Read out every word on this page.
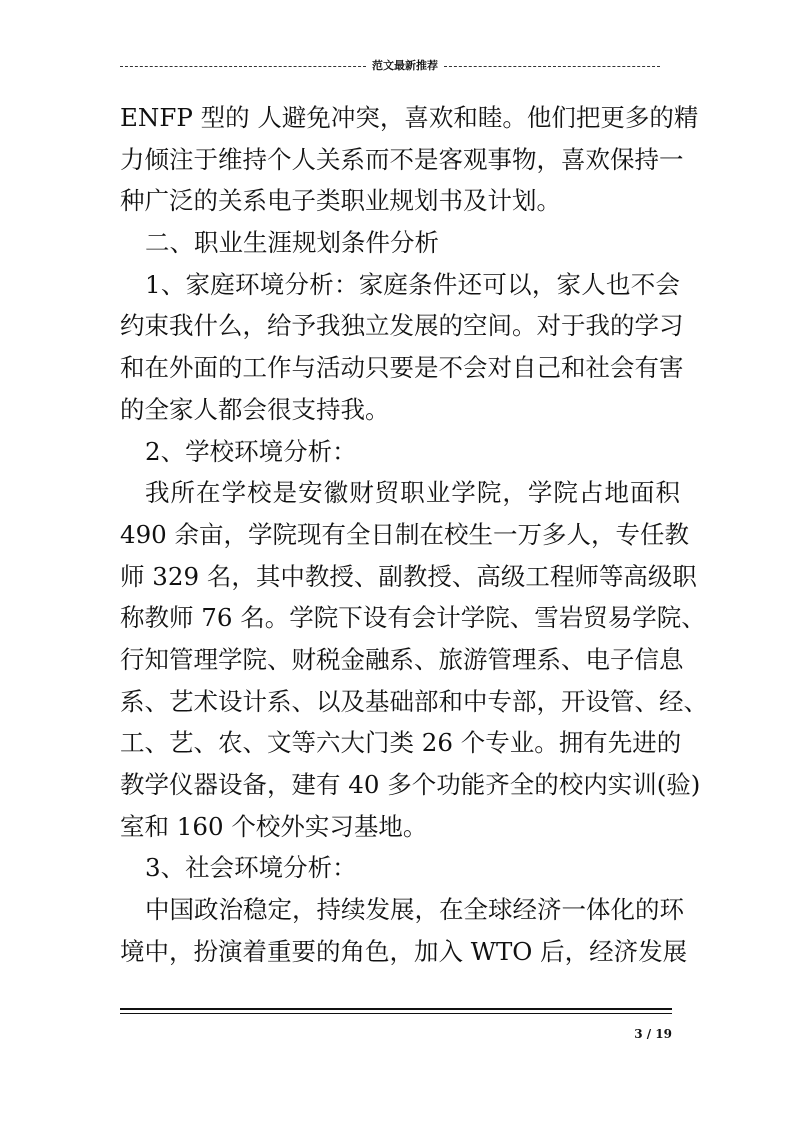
范文最新推荐
ENFP 型的 人避免冲突，喜欢和睦。他们把更多的精
力倾注于维持个人关系而不是客观事物，喜欢保持一
种广泛的关系电子类职业规划书及计划。
二、职业生涯规划条件分析
1、家庭环境分析：家庭条件还可以，家人也不会
约束我什么，给予我独立发展的空间。对于我的学习
和在外面的工作与活动只要是不会对自己和社会有害
的全家人都会很支持我。
2、学校环境分析：
我所在学校是安徽财贸职业学院，学院占地面积
490 余亩，学院现有全日制在校生一万多人，专任教
师 329 名，其中教授、副教授、高级工程师等高级职
称教师 76 名。学院下设有会计学院、雪岩贸易学院、
行知管理学院、财税金融系、旅游管理系、电子信息
系、艺术设计系、以及基础部和中专部，开设管、经、
工、艺、农、文等六大门类 26 个专业。拥有先进的
教学仪器设备，建有 40 多个功能齐全的校内实训(验)
室和 160 个校外实习基地。
3、社会环境分析：
中国政治稳定，持续发展，在全球经济一体化的环
境中，扮演着重要的角色，加入 WTO 后，经济发展
3 / 19
